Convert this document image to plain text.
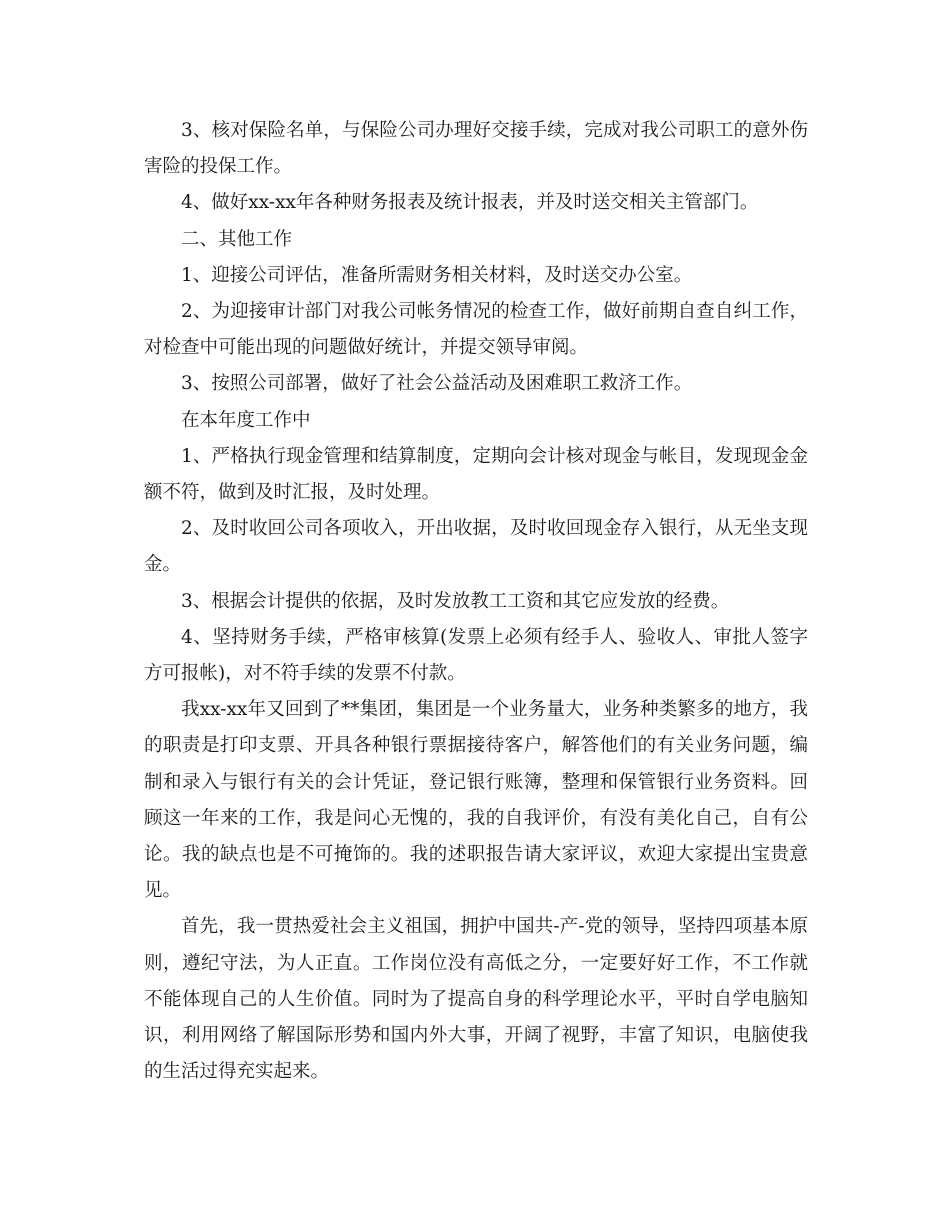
3、核对保险名单，与保险公司办理好交接手续，完成对我公司职工的意外伤害险的投保工作。

4、做好xx-xx年各种财务报表及统计报表，并及时送交相关主管部门。

二、其他工作

1、迎接公司评估，准备所需财务相关材料，及时送交办公室。

2、为迎接审计部门对我公司帐务情况的检查工作，做好前期自查自纠工作，对检查中可能出现的问题做好统计，并提交领导审阅。

3、按照公司部署，做好了社会公益活动及困难职工救济工作。

在本年度工作中

1、严格执行现金管理和结算制度，定期向会计核对现金与帐目，发现现金金额不符，做到及时汇报，及时处理。

2、及时收回公司各项收入，开出收据，及时收回现金存入银行，从无坐支现金。

3、根据会计提供的依据，及时发放教工工资和其它应发放的经费。

4、坚持财务手续，严格审核算(发票上必须有经手人、验收人、审批人签字方可报帐)，对不符手续的发票不付款。

我xx-xx年又回到了**集团，集团是一个业务量大，业务种类繁多的地方，我的职责是打印支票、开具各种银行票据接待客户，解答他们的有关业务问题，编制和录入与银行有关的会计凭证，登记银行账簿，整理和保管银行业务资料。回顾这一年来的工作，我是问心无愧的，我的自我评价，有没有美化自己，自有公论。我的缺点也是不可掩饰的。我的述职报告请大家评议，欢迎大家提出宝贵意见。

首先，我一贯热爱社会主义祖国，拥护中国共-产-党的领导，坚持四项基本原则，遵纪守法，为人正直。工作岗位没有高低之分，一定要好好工作，不工作就不能体现自己的人生价值。同时为了提高自身的科学理论水平，平时自学电脑知识，利用网络了解国际形势和国内外大事，开阔了视野，丰富了知识，电脑使我的生活过得充实起来。
